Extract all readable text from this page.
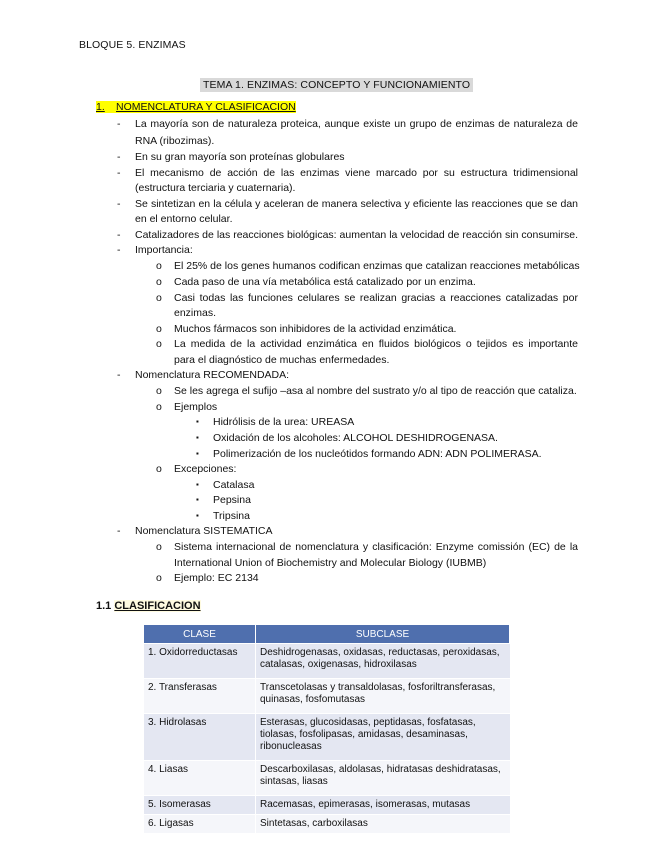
BLOQUE 5. ENZIMAS
TEMA 1. ENZIMAS: CONCEPTO Y FUNCIONAMIENTO
1. NOMENCLATURA Y CLASIFICACION
- La mayoría son de naturaleza proteica, aunque existe un grupo de enzimas de naturaleza de
RNA (ribozimas).
- En su gran mayoría son proteínas globulares
- El mecanismo de acción de las enzimas viene marcado por su estructura tridimensional
(estructura terciaria y cuaternaria).
- Se sintetizan en la célula y aceleran de manera selectiva y eficiente las reacciones que se dan
en el entorno celular.
- Catalizadores de las reacciones biológicas: aumentan la velocidad de reacción sin consumirse.
- Importancia:
o El 25% de los genes humanos codifican enzimas que catalizan reacciones metabólicas
o Cada paso de una vía metabólica está catalizado por un enzima.
o Casi todas las funciones celulares se realizan gracias a reacciones catalizadas por
enzimas.
o Muchos fármacos son inhibidores de la actividad enzimática.
o La medida de la actividad enzimática en fluidos biológicos o tejidos es importante
para el diagnóstico de muchas enfermedades.
- Nomenclatura RECOMENDADA:
o Se les agrega el sufijo –asa al nombre del sustrato y/o al tipo de reacción que cataliza.
o Ejemplos
▪ Hidrólisis de la urea: UREASA
▪ Oxidación de los alcoholes: ALCOHOL DESHIDROGENASA.
▪ Polimerización de los nucleótidos formando ADN: ADN POLIMERASA.
o Excepciones:
▪ Catalasa
▪ Pepsina
▪ Tripsina
- Nomenclatura SISTEMATICA
o Sistema internacional de nomenclatura y clasificación: Enzyme comissión (EC) de la
International Union of Biochemistry and Molecular Biology (IUBMB)
o Ejemplo: EC 2134
1.1 CLASIFICACION
CLASE	SUBCLASE
1. Oxidorreductasas	Deshidrogenasas, oxidasas, reductasas, peroxidasas, catalasas, oxigenasas, hidroxilasas
2. Transferasas	Transcetolasas y transaldolasas, fosforiltransferasas, quinasas, fosfomutasas
3. Hidrolasas	Esterasas, glucosidasas, peptidasas, fosfatasas, tiolasas, fosfolipasas, amidasas, desaminasas, ribonucleasas
4. Liasas	Descarboxilasas, aldolasas, hidratasas deshidratasas, sintasas, liasas
5. Isomerasas	Racemasas, epimerasas, isomerasas, mutasas
6. Ligasas	Sintetasas, carboxilasas
